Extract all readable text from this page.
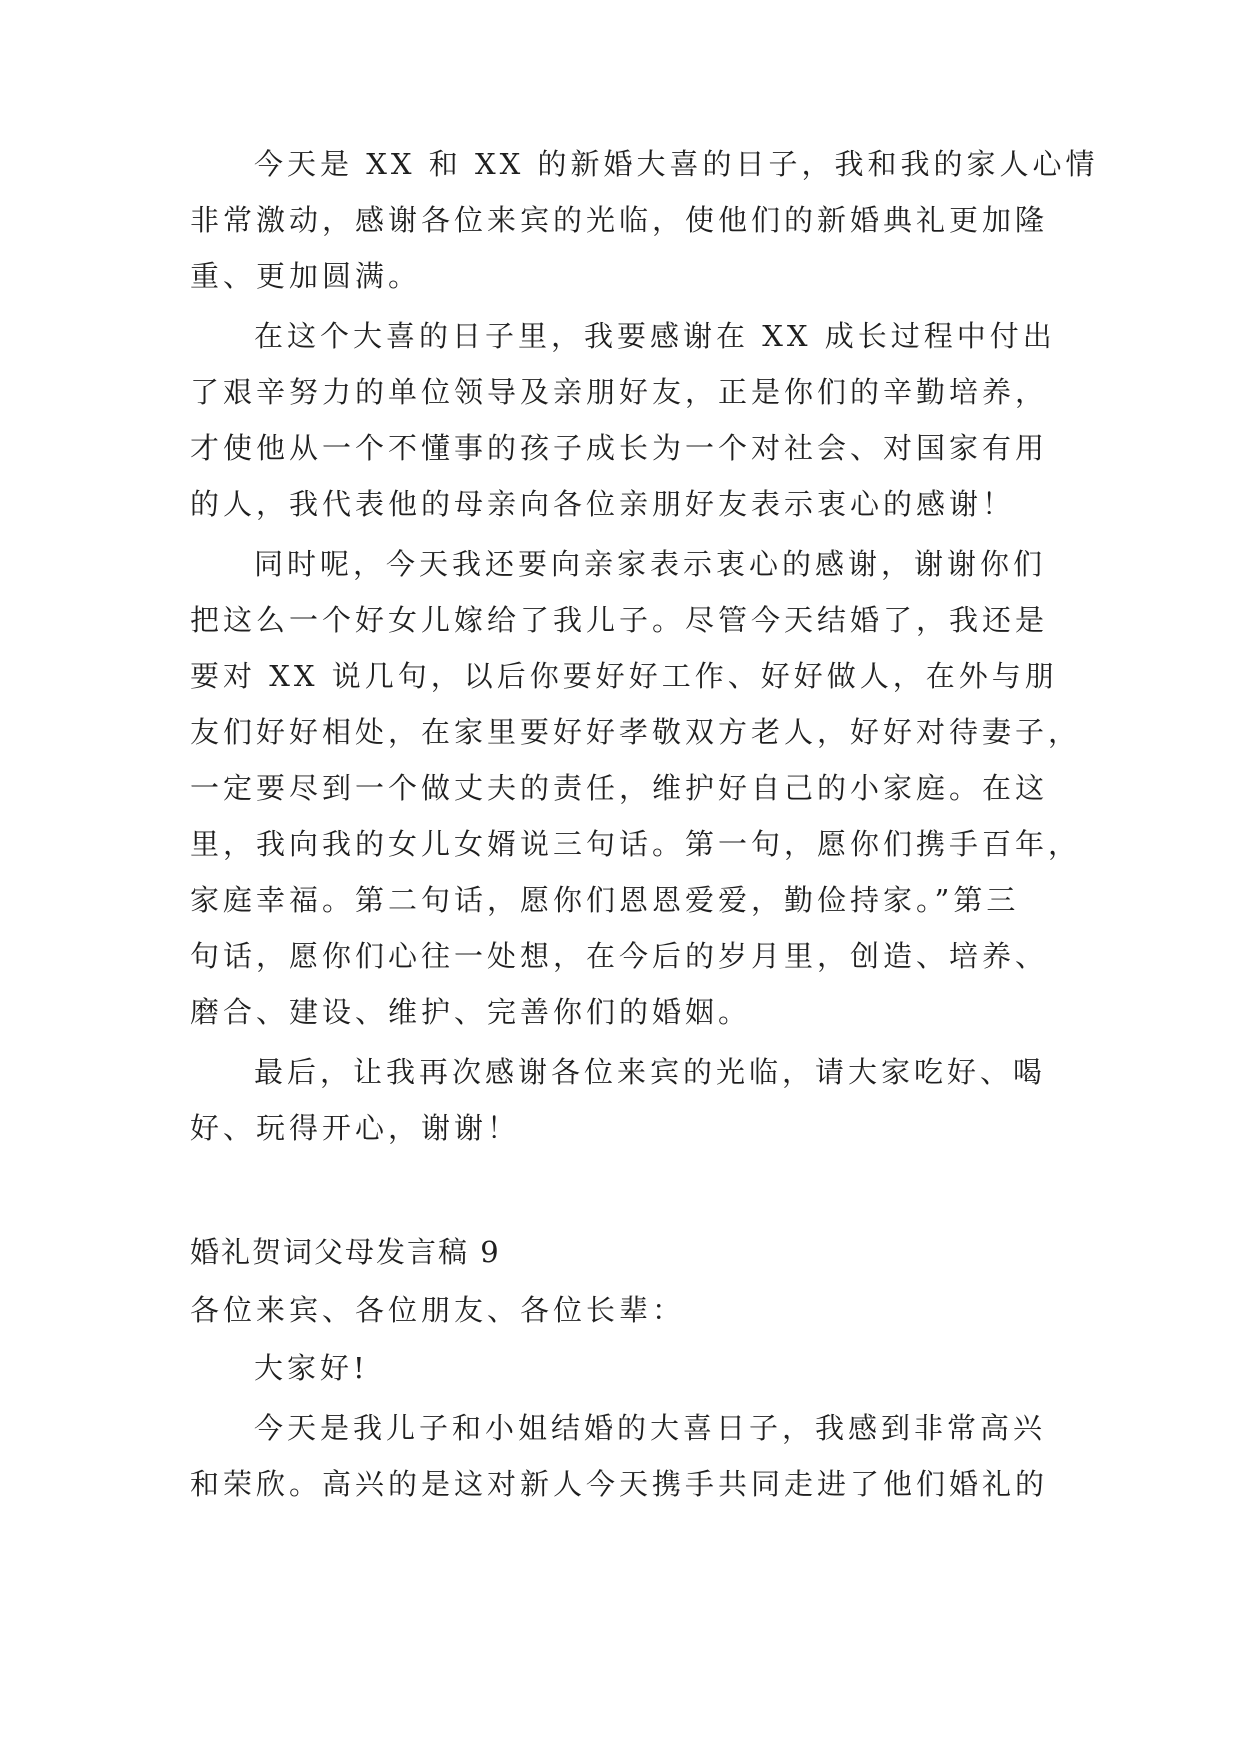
今天是 XX 和 XX 的新婚大喜的日子，我和我的家人心情
非常激动，感谢各位来宾的光临，使他们的新婚典礼更加隆
重、更加圆满。
在这个大喜的日子里，我要感谢在 XX 成长过程中付出
了艰辛努力的单位领导及亲朋好友，正是你们的辛勤培养，
才使他从一个不懂事的孩子成长为一个对社会、对国家有用
的人，我代表他的母亲向各位亲朋好友表示衷心的感谢！
同时呢，今天我还要向亲家表示衷心的感谢，谢谢你们
把这么一个好女儿嫁给了我儿子。尽管今天结婚了，我还是
要对 XX 说几句，以后你要好好工作、好好做人，在外与朋
友们好好相处，在家里要好好孝敬双方老人，好好对待妻子，
一定要尽到一个做丈夫的责任，维护好自己的小家庭。在这
里，我向我的女儿女婿说三句话。第一句，愿你们携手百年，
家庭幸福。第二句话，愿你们恩恩爱爱，勤俭持家。”第三
句话，愿你们心往一处想，在今后的岁月里，创造、培养、
磨合、建设、维护、完善你们的婚姻。
最后，让我再次感谢各位来宾的光临，请大家吃好、喝
好、玩得开心，谢谢！
婚礼贺词父母发言稿 9
各位来宾、各位朋友、各位长辈：
大家好!
今天是我儿子和小姐结婚的大喜日子，我感到非常高兴
和荣欣。高兴的是这对新人今天携手共同走进了他们婚礼的
